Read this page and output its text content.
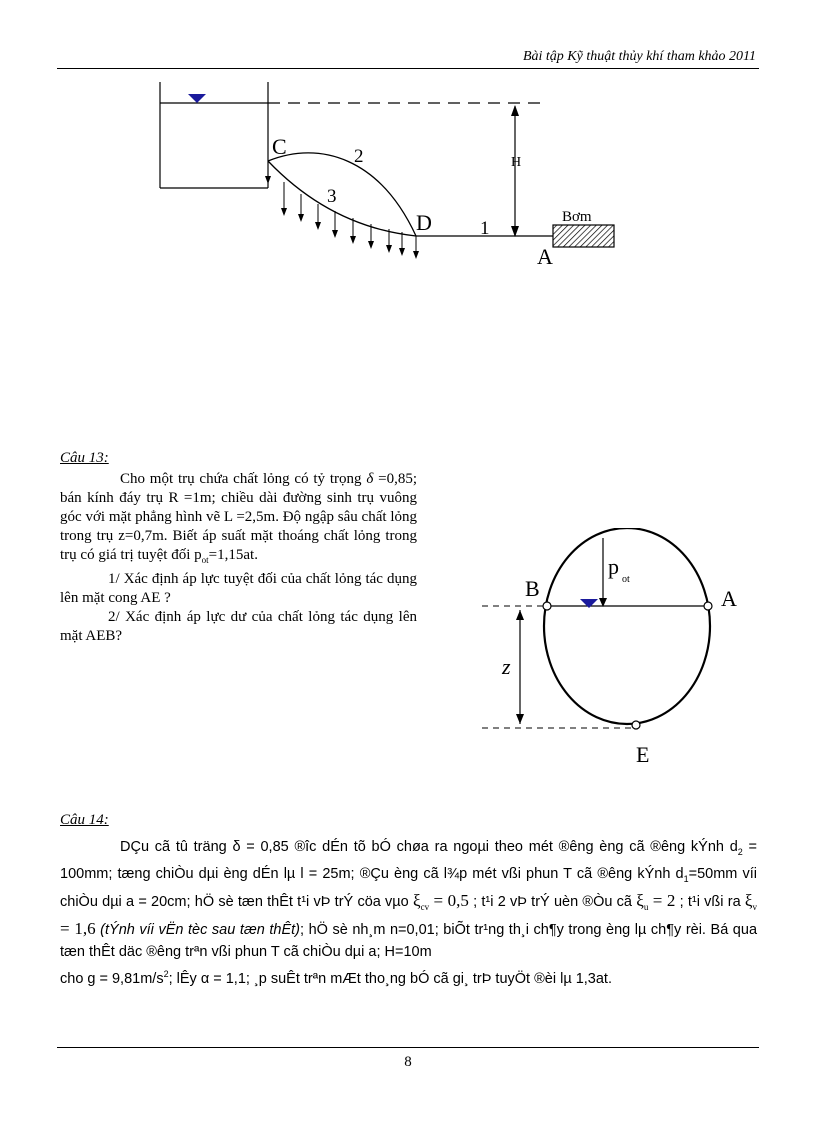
Bài tập Kỹ thuật thủy khí tham khảo 2011
H
C	2
3
D	1
Bơm
A
Câu 13:

Cho một trụ chứa chất lỏng có tỷ trọng δ =0,85; bán kính đáy trụ R =1m; chiều dài đường sinh trụ vuông góc với mặt phẳng hình vẽ L =2,5m. Độ ngập sâu chất lỏng trong trụ z=0,7m. Biết áp suất mặt thoáng chất lỏng trong trụ có giá trị tuyệt đối $p_{ot}=1,15at$.

1/ Xác định áp lực tuyệt đối của chất lỏng tác dụng lên mặt cong AE ?

2/ Xác định áp lực dư của chất lỏng tác dụng lên mặt AEB?

B	A
E
z
p
ot
Câu 14:

DÇu cã tû träng δ = 0,85 ®îc dÉn tõ bÓ chøa ra ngoµi theo mét ®êng èng cã ®êng kÝnh $d_2 = 100mm$; tæng chiÒu dµi èng dÉn lµ l = 25m; ®Çu èng cã l¾p mét vßi phun T cã ®êng kÝnh $d_1=50mm$ víi chiÒu dµi a = 20cm; hÖ sè tæn thÊt t¹i vÞ trÝ cöa vµo $\xi_{cv} = 0,5$ ; t¹i 2 vÞ trÝ uèn ®Òu cã $\xi_u = 2$ ; t¹i vßi ra $\xi_v = 1,6$ (tÝnh víi vËn tèc sau tæn thÊt); hÖ sè nh¸m n=0,01; biÕt tr¹ng th¸i ch¶y trong èng lµ ch¶y rèi. Bá qua tæn thÊt däc ®êng trªn vßi phun T cã chiÒu dµi a; H=10m

cho $g = 9,81m/s^2$; lÊy α = 1,1; ¸p suÊt trªn mÆt tho¸ng bÓ cã gi¸ trÞ tuyÖt ®èi lµ 1,3at.

8
